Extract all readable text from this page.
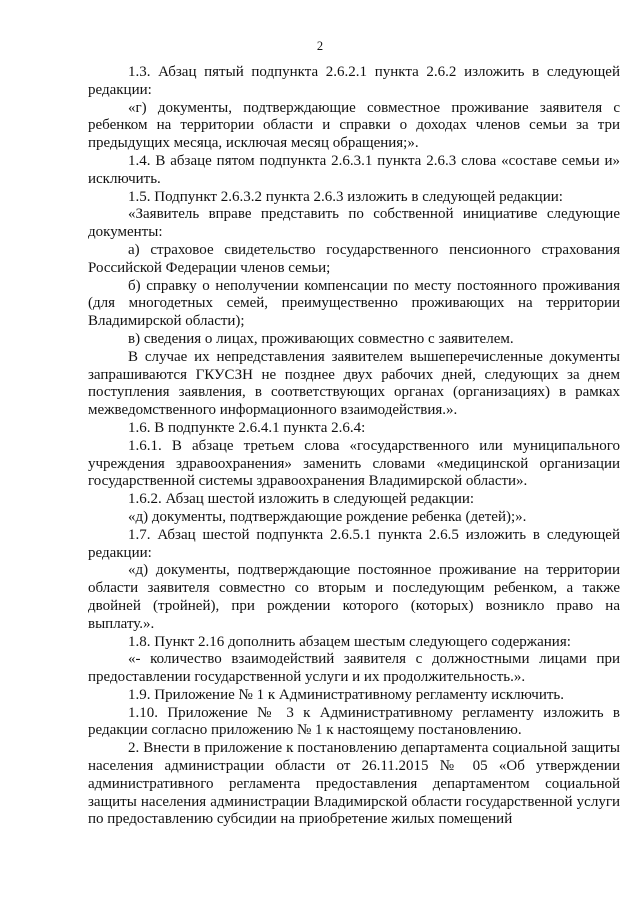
2

1.3. Абзац пятый подпункта 2.6.2.1 пункта 2.6.2 изложить в следующей редакции:

«г) документы, подтверждающие совместное проживание заявителя с ребенком на территории области и справки о доходах членов семьи за три предыдущих месяца, исключая месяц обращения;».

1.4. В абзаце пятом подпункта 2.6.3.1 пункта 2.6.3 слова «составе семьи и» исключить.

1.5. Подпункт 2.6.3.2 пункта 2.6.3 изложить в следующей редакции:

«Заявитель вправе представить по собственной инициативе следующие документы:

а) страховое свидетельство государственного пенсионного страхования Российской Федерации членов семьи;

б) справку о неполучении компенсации по месту постоянного проживания (для многодетных семей, преимущественно проживающих на территории Владимирской области);

в) сведения о лицах, проживающих совместно с заявителем.

В случае их непредставления заявителем вышеперечисленные документы запрашиваются ГКУСЗН не позднее двух рабочих дней, следующих за днем поступления заявления, в соответствующих органах (организациях) в рамках межведомственного информационного взаимодействия.».

1.6. В подпункте 2.6.4.1 пункта 2.6.4:

1.6.1. В абзаце третьем слова «государственного или муниципального учреждения здравоохранения» заменить словами «медицинской организации государственной системы здравоохранения Владимирской области».

1.6.2. Абзац шестой изложить в следующей редакции:

«д) документы, подтверждающие рождение ребенка (детей);».

1.7. Абзац шестой подпункта 2.6.5.1 пункта 2.6.5 изложить в следующей редакции:

«д) документы, подтверждающие постоянное проживание на территории области заявителя совместно со вторым и последующим ребенком, а также двойней (тройней), при рождении которого (которых) возникло право на выплату.».

1.8. Пункт 2.16 дополнить абзацем шестым следующего содержания:

«- количество взаимодействий заявителя с должностными лицами при предоставлении государственной услуги и их продолжительность.».

1.9. Приложение № 1 к Административному регламенту исключить.

1.10. Приложение № 3 к Административному регламенту изложить в редакции согласно приложению № 1 к настоящему постановлению.

2. Внести в приложение к постановлению департамента социальной защиты населения администрации области от 26.11.2015 № 05 «Об утверждении административного регламента предоставления департаментом социальной защиты населения администрации Владимирской области государственной услуги по предоставлению субсидии на приобретение жилых помещений
